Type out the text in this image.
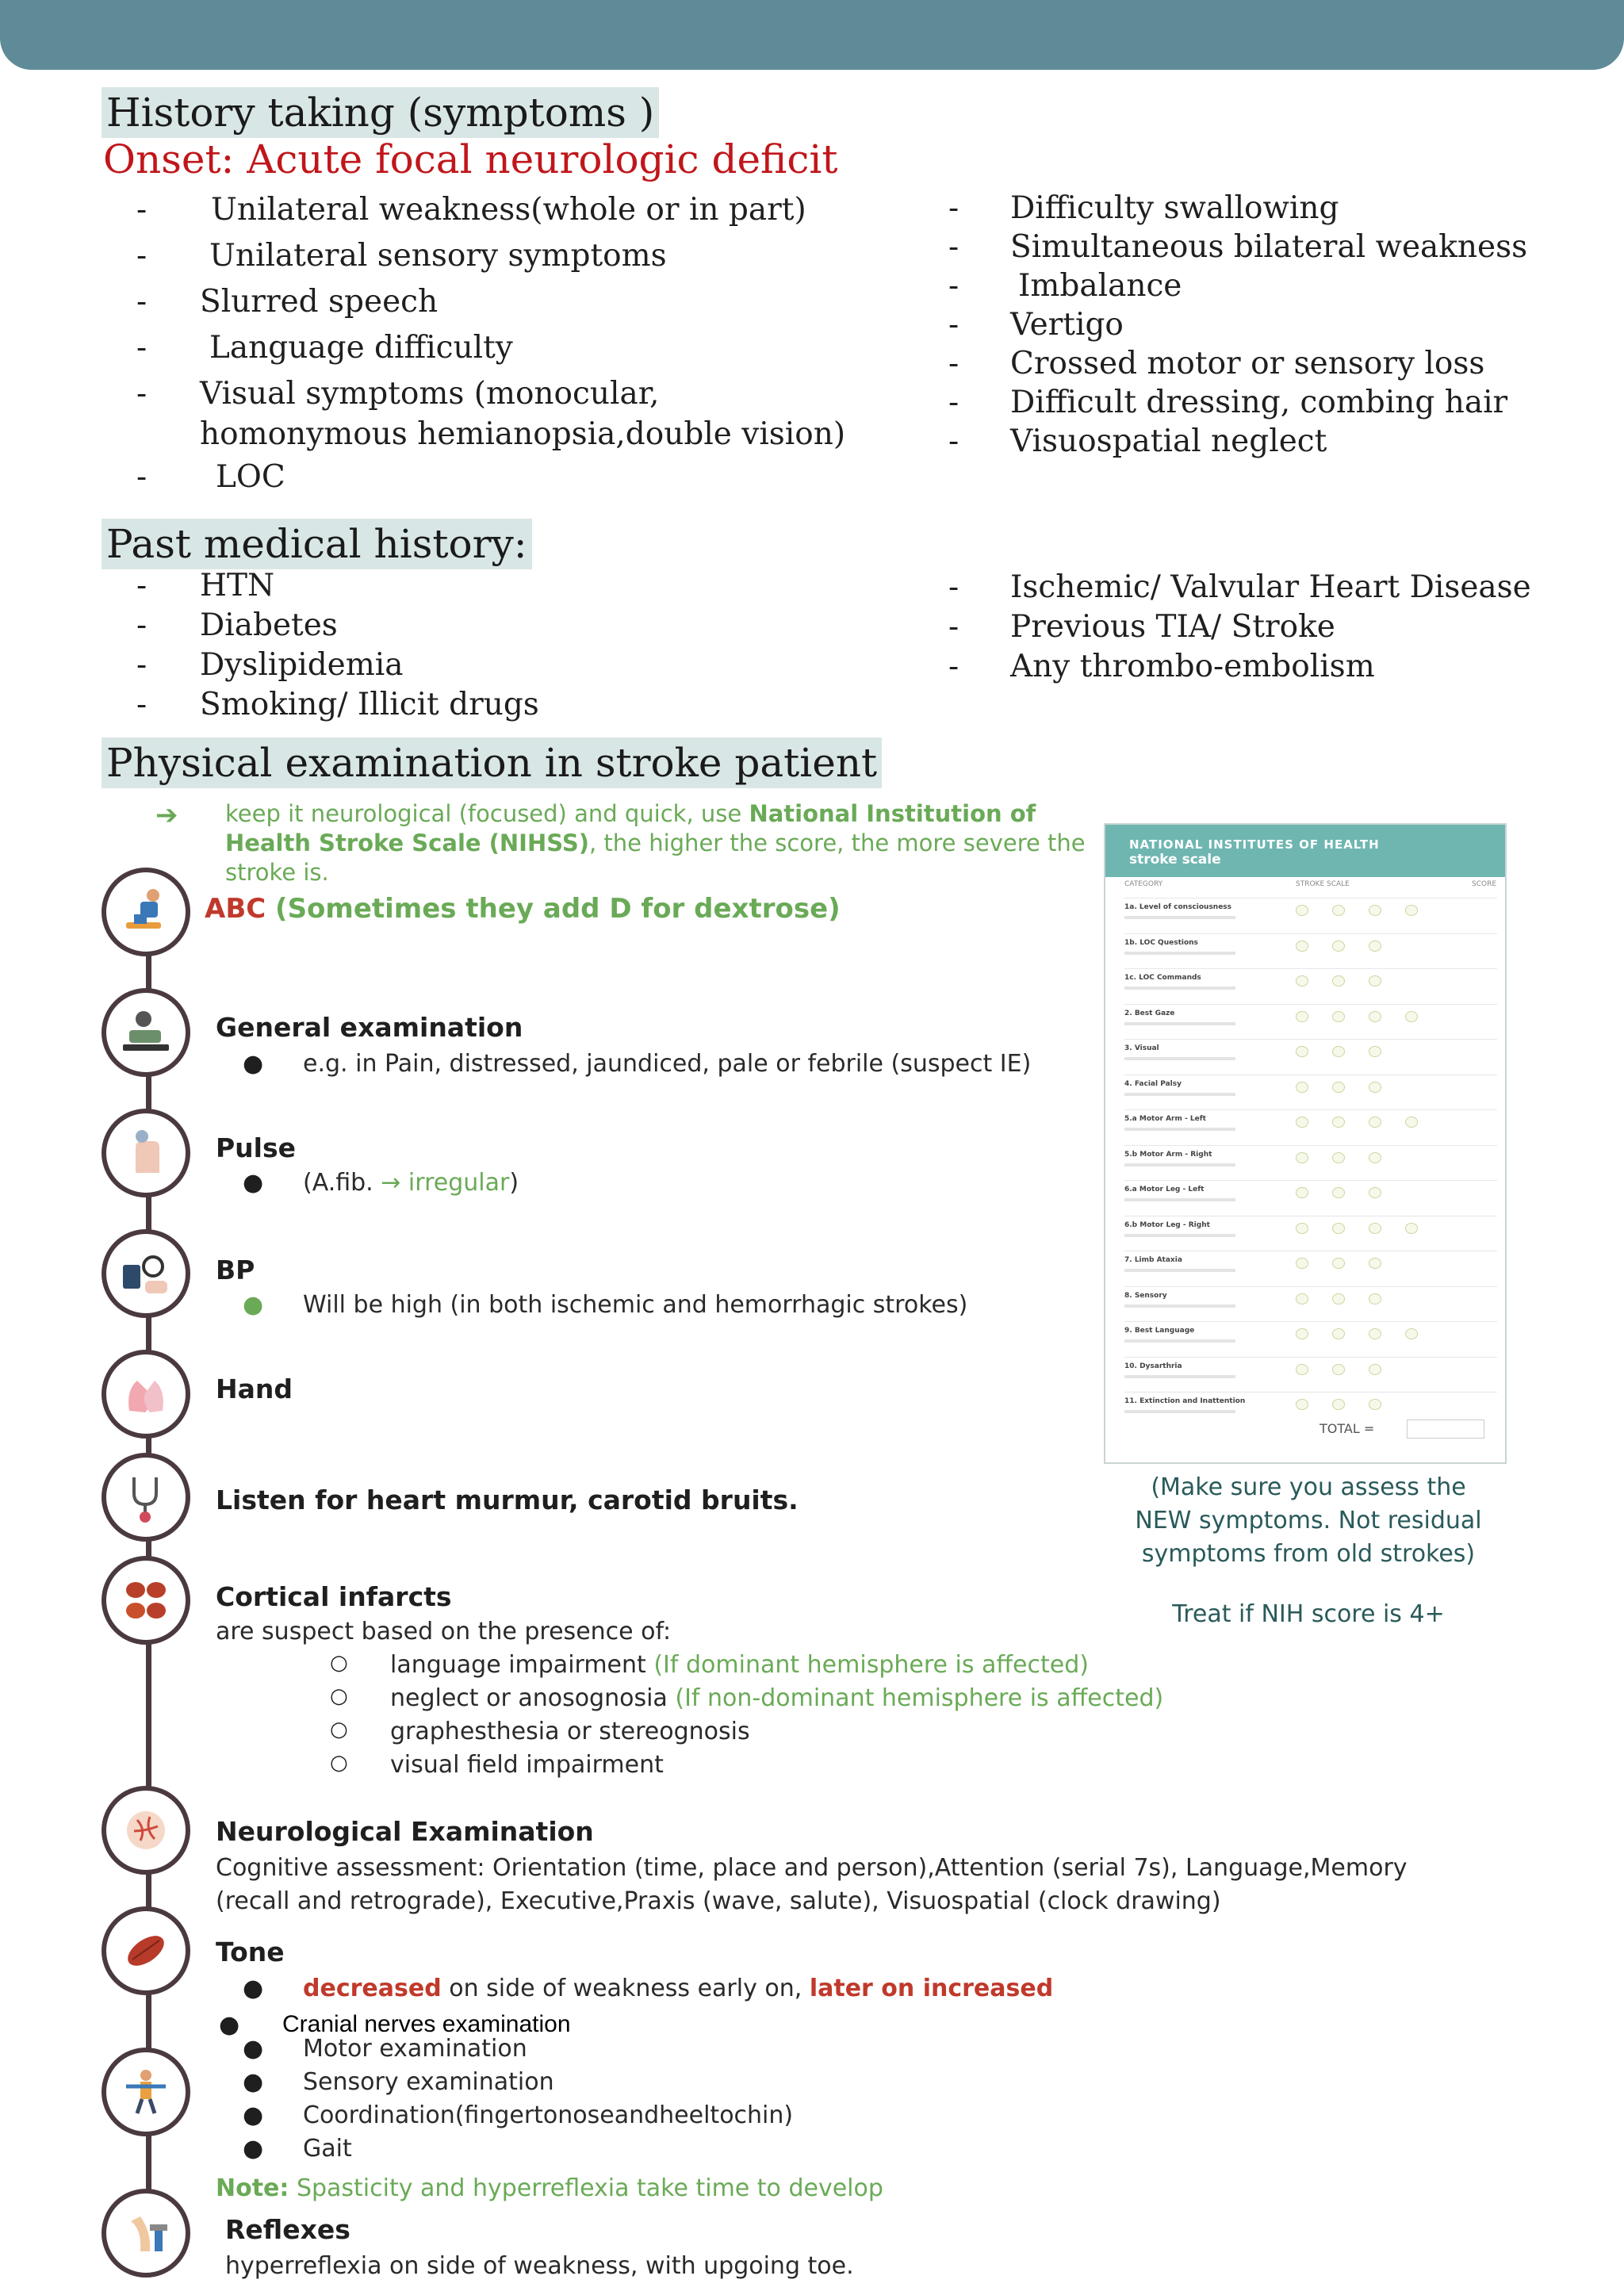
History taking (symptoms )
Onset: Acute focal neurologic deficit
- Unilateral weakness(whole or in part)
- Unilateral sensory symptoms
- Slurred speech
- Language difficulty
- Visual symptoms (monocular,
homonymous hemianopsia,double vision)
- LOC
- Difficulty swallowing
- Simultaneous bilateral weakness
- Imbalance
- Vertigo
- Crossed motor or sensory loss
- Difficult dressing, combing hair
- Visuospatial neglect
Past medical history:
- HTN
- Diabetes
- Dyslipidemia
- Smoking/ Illicit drugs
- Ischemic/ Valvular Heart Disease
- Previous TIA/ Stroke
- Any thrombo-embolism
Physical examination in stroke patient
➔ keep it neurological (focused) and quick, use National Institution of Health Stroke Scale (NIHSS), the higher the score, the more severe the stroke is.
ABC (Sometimes they add D for dextrose)
General examination
● e.g. in Pain, distressed, jaundiced, pale or febrile (suspect IE)
Pulse
● (A.fib. → irregular)
BP
● Will be high (in both ischemic and hemorrhagic strokes)
Hand
Listen for heart murmur, carotid bruits.
Cortical infarcts
are suspect based on the presence of:
○ language impairment (If dominant hemisphere is affected)
○ neglect or anosognosia (If non-dominant hemisphere is affected)
○ graphesthesia or stereognosis
○ visual field impairment
Neurological Examination
Cognitive assessment: Orientation (time, place and person),Attention (serial 7s), Language,Memory
(recall and retrograde), Executive,Praxis (wave, salute), Visuospatial (clock drawing)
Tone
● decreased on side of weakness early on, later on increased
● Cranial nerves examination
● Motor examination
● Sensory examination
● Coordination(fingertonoseandheeltochin)
● Gait
Note: Spasticity and hyperreflexia take time to develop
Reflexes
hyperreflexia on side of weakness, with upgoing toe.
NATIONAL INSTITUTES OF HEALTH
stroke scale
CATEGORY	STROKE SCALE	SCORE
1a. Level of consciousness
1b. LOC Questions
1c. LOC Commands
2. Best Gaze
3. Visual
4. Facial Palsy
5.a Motor Arm - Left
5.b Motor Arm - Right
6.a Motor Leg - Left
6.b Motor Leg - Right
7. Limb Ataxia
8. Sensory
9. Best Language
10. Dysarthria
11. Extinction and Inattention
TOTAL =
(Make sure you assess the
NEW symptoms. Not residual
symptoms from old strokes)
Treat if NIH score is 4+
